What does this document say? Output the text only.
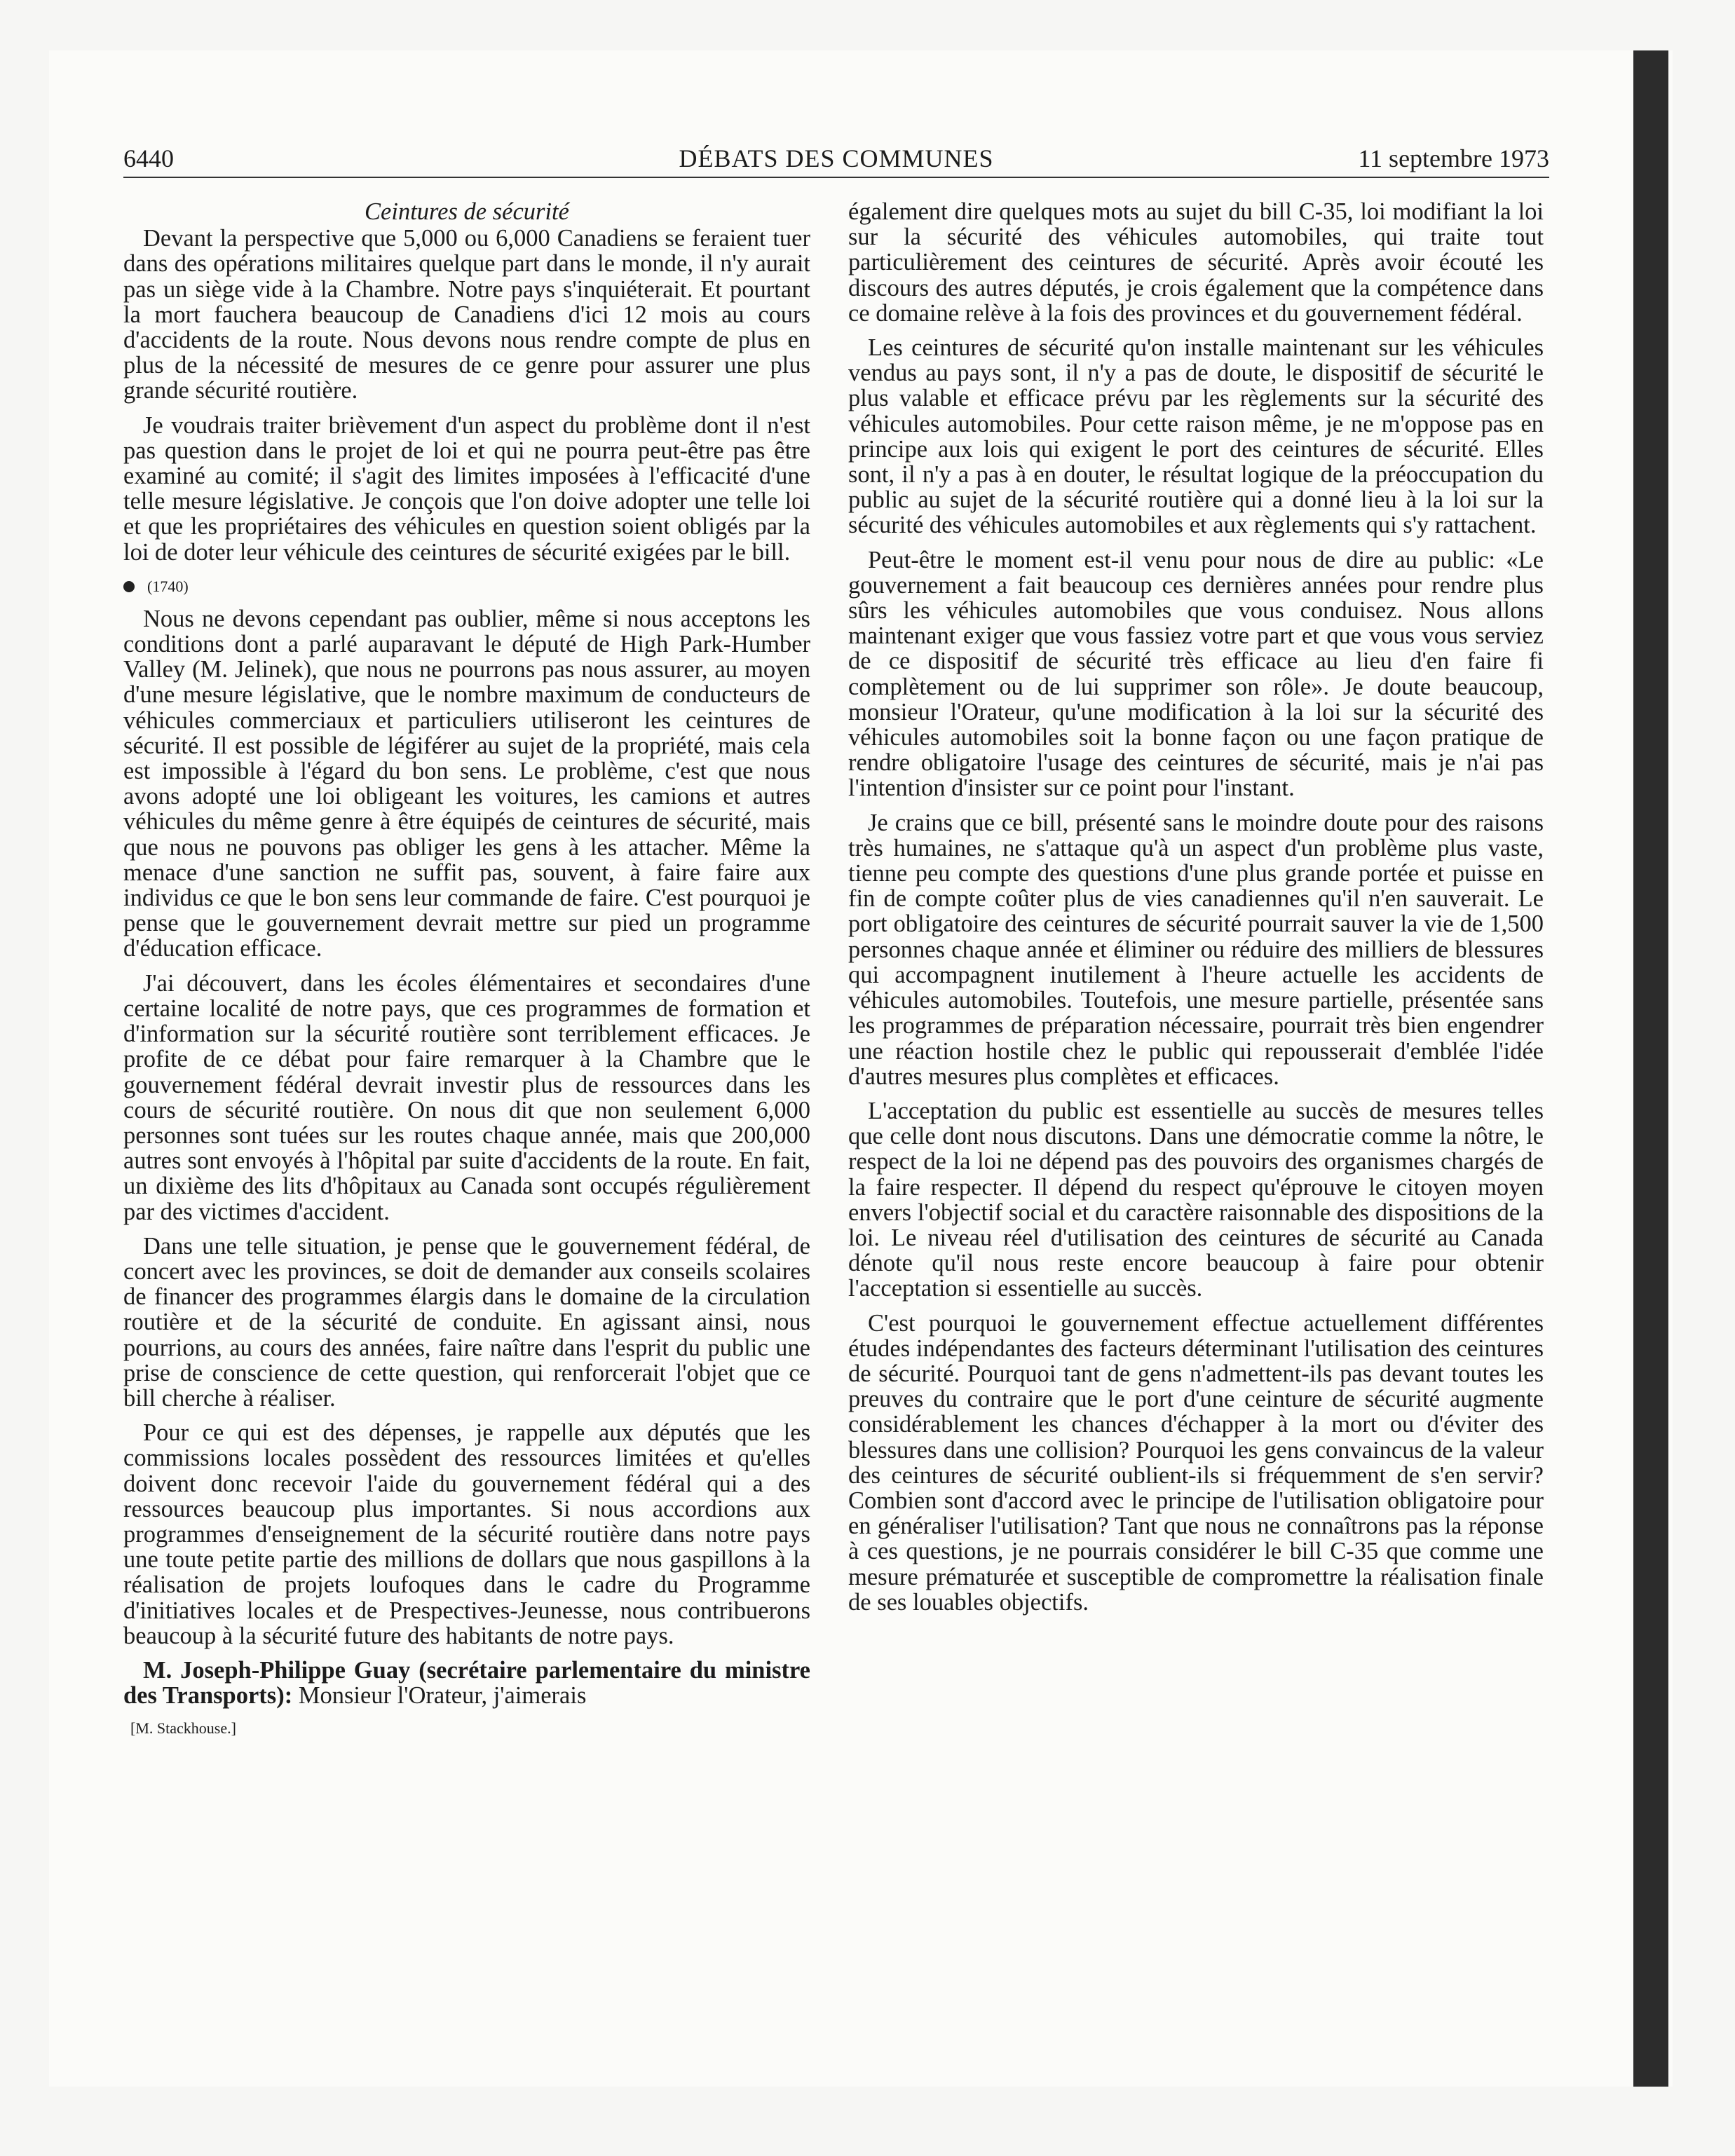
6440	DÉBATS DES COMMUNES	11 septembre 1973
Ceintures de sécurité

Devant la perspective que 5,000 ou 6,000 Canadiens se feraient tuer dans des opérations militaires quelque part dans le monde, il n'y aurait pas un siège vide à la Chambre. Notre pays s'inquiéterait. Et pourtant la mort fauchera beaucoup de Canadiens d'ici 12 mois au cours d'accidents de la route. Nous devons nous rendre compte de plus en plus de la nécessité de mesures de ce genre pour assurer une plus grande sécurité routière.

Je voudrais traiter brièvement d'un aspect du problème dont il n'est pas question dans le projet de loi et qui ne pourra peut-être pas être examiné au comité; il s'agit des limites imposées à l'efficacité d'une telle mesure législative. Je conçois que l'on doive adopter une telle loi et que les propriétaires des véhicules en question soient obligés par la loi de doter leur véhicule des ceintures de sécurité exigées par le bill.

(1740)

Nous ne devons cependant pas oublier, même si nous acceptons les conditions dont a parlé auparavant le député de High Park-Humber Valley (M. Jelinek), que nous ne pourrons pas nous assurer, au moyen d'une mesure législative, que le nombre maximum de conducteurs de véhicules commerciaux et particuliers utiliseront les ceintures de sécurité. Il est possible de légiférer au sujet de la propriété, mais cela est impossible à l'égard du bon sens. Le problème, c'est que nous avons adopté une loi obligeant les voitures, les camions et autres véhicules du même genre à être équipés de ceintures de sécurité, mais que nous ne pouvons pas obliger les gens à les attacher. Même la menace d'une sanction ne suffit pas, souvent, à faire faire aux individus ce que le bon sens leur commande de faire. C'est pourquoi je pense que le gouvernement devrait mettre sur pied un programme d'éducation efficace.

J'ai découvert, dans les écoles élémentaires et secondaires d'une certaine localité de notre pays, que ces programmes de formation et d'information sur la sécurité routière sont terriblement efficaces. Je profite de ce débat pour faire remarquer à la Chambre que le gouvernement fédéral devrait investir plus de ressources dans les cours de sécurité routière. On nous dit que non seulement 6,000 personnes sont tuées sur les routes chaque année, mais que 200,000 autres sont envoyés à l'hôpital par suite d'accidents de la route. En fait, un dixième des lits d'hôpitaux au Canada sont occupés régulièrement par des victimes d'accident.

Dans une telle situation, je pense que le gouvernement fédéral, de concert avec les provinces, se doit de demander aux conseils scolaires de financer des programmes élargis dans le domaine de la circulation routière et de la sécurité de conduite. En agissant ainsi, nous pourrions, au cours des années, faire naître dans l'esprit du public une prise de conscience de cette question, qui renforcerait l'objet que ce bill cherche à réaliser.

Pour ce qui est des dépenses, je rappelle aux députés que les commissions locales possèdent des ressources limitées et qu'elles doivent donc recevoir l'aide du gouvernement fédéral qui a des ressources beaucoup plus importantes. Si nous accordions aux programmes d'enseignement de la sécurité routière dans notre pays une toute petite partie des millions de dollars que nous gaspillons à la réalisation de projets loufoques dans le cadre du Programme d'initiatives locales et de Prespectives-Jeunesse, nous contribuerons beaucoup à la sécurité future des habitants de notre pays.

M. Joseph-Philippe Guay (secrétaire parlementaire du ministre des Transports): Monsieur l'Orateur, j'aimerais

[M. Stackhouse.]

également dire quelques mots au sujet du bill C-35, loi modifiant la loi sur la sécurité des véhicules automobiles, qui traite tout particulièrement des ceintures de sécurité. Après avoir écouté les discours des autres députés, je crois également que la compétence dans ce domaine relève à la fois des provinces et du gouvernement fédéral.

Les ceintures de sécurité qu'on installe maintenant sur les véhicules vendus au pays sont, il n'y a pas de doute, le dispositif de sécurité le plus valable et efficace prévu par les règlements sur la sécurité des véhicules automobiles. Pour cette raison même, je ne m'oppose pas en principe aux lois qui exigent le port des ceintures de sécurité. Elles sont, il n'y a pas à en douter, le résultat logique de la préoccupation du public au sujet de la sécurité routière qui a donné lieu à la loi sur la sécurité des véhicules automobiles et aux règlements qui s'y rattachent.

Peut-être le moment est-il venu pour nous de dire au public: «Le gouvernement a fait beaucoup ces dernières années pour rendre plus sûrs les véhicules automobiles que vous conduisez. Nous allons maintenant exiger que vous fassiez votre part et que vous vous serviez de ce dispositif de sécurité très efficace au lieu d'en faire fi complètement ou de lui supprimer son rôle». Je doute beaucoup, monsieur l'Orateur, qu'une modification à la loi sur la sécurité des véhicules automobiles soit la bonne façon ou une façon pratique de rendre obligatoire l'usage des ceintures de sécurité, mais je n'ai pas l'intention d'insister sur ce point pour l'instant.

Je crains que ce bill, présenté sans le moindre doute pour des raisons très humaines, ne s'attaque qu'à un aspect d'un problème plus vaste, tienne peu compte des questions d'une plus grande portée et puisse en fin de compte coûter plus de vies canadiennes qu'il n'en sauverait. Le port obligatoire des ceintures de sécurité pourrait sauver la vie de 1,500 personnes chaque année et éliminer ou réduire des milliers de blessures qui accompagnent inutilement à l'heure actuelle les accidents de véhicules automobiles. Toutefois, une mesure partielle, présentée sans les programmes de préparation nécessaire, pourrait très bien engendrer une réaction hostile chez le public qui repousserait d'emblée l'idée d'autres mesures plus complètes et efficaces.

L'acceptation du public est essentielle au succès de mesures telles que celle dont nous discutons. Dans une démocratie comme la nôtre, le respect de la loi ne dépend pas des pouvoirs des organismes chargés de la faire respecter. Il dépend du respect qu'éprouve le citoyen moyen envers l'objectif social et du caractère raisonnable des dispositions de la loi. Le niveau réel d'utilisation des ceintures de sécurité au Canada dénote qu'il nous reste encore beaucoup à faire pour obtenir l'acceptation si essentielle au succès.

C'est pourquoi le gouvernement effectue actuellement différentes études indépendantes des facteurs déterminant l'utilisation des ceintures de sécurité. Pourquoi tant de gens n'admettent-ils pas devant toutes les preuves du contraire que le port d'une ceinture de sécurité augmente considérablement les chances d'échapper à la mort ou d'éviter des blessures dans une collision? Pourquoi les gens convaincus de la valeur des ceintures de sécurité oublient-ils si fréquemment de s'en servir? Combien sont d'accord avec le principe de l'utilisation obligatoire pour en généraliser l'utilisation? Tant que nous ne connaîtrons pas la réponse à ces questions, je ne pourrais considérer le bill C-35 que comme une mesure prématurée et susceptible de compromettre la réalisation finale de ses louables objectifs.
